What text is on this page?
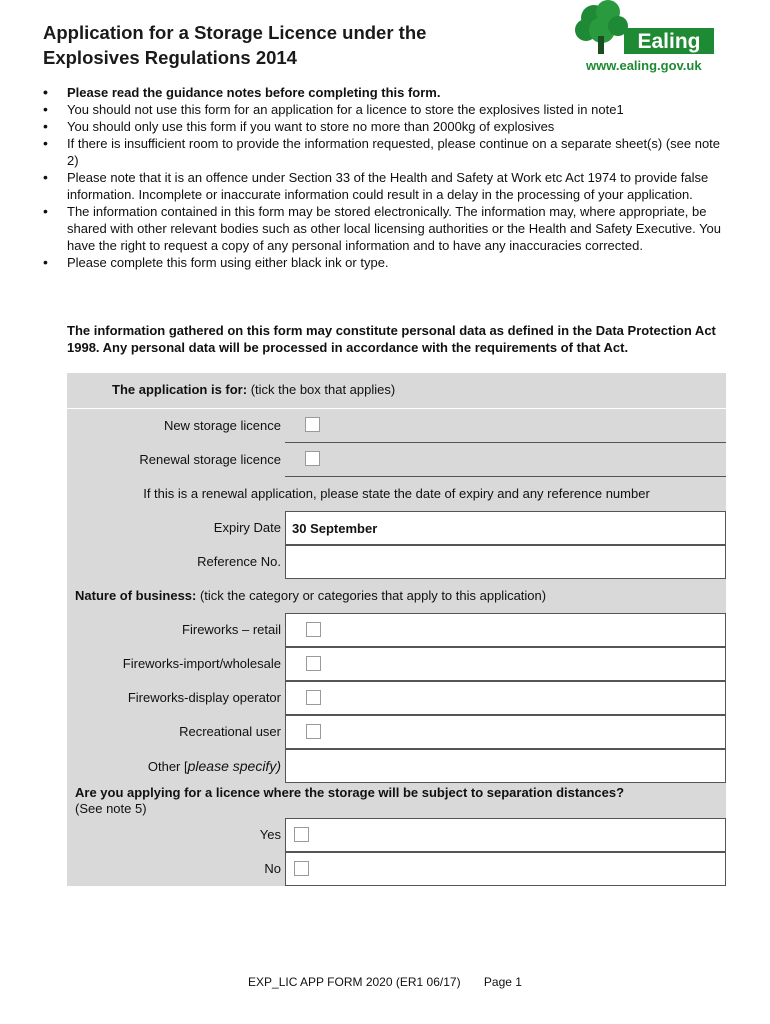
Application for a Storage Licence under the
Explosives Regulations 2014
Ealing
www.ealing.gov.uk
• Please read the guidance notes before completing this form.
• You should not use this form for an application for a licence to store the explosives listed in note1
• You should only use this form if you want to store no more than 2000kg of explosives
• If there is insufficient room to provide the information requested, please continue on a separate sheet(s) (see note 2)
• Please note that it is an offence under Section 33 of the Health and Safety at Work etc Act 1974 to provide false information. Incomplete or inaccurate information could result in a delay in the processing of your application.
• The information contained in this form may be stored electronically. The information may, where appropriate, be shared with other relevant bodies such as other local licensing authorities or the Health and Safety Executive. You have the right to request a copy of any personal information and to have any inaccuracies corrected.
• Please complete this form using either black ink or type.
The information gathered on this form may constitute personal data as defined in the Data Protection Act 1998. Any personal data will be processed in accordance with the requirements of that Act.
The application is for: (tick the box that applies)
New storage licence
Renewal storage licence
If this is a renewal application, please state the date of expiry and any reference number
Expiry Date 30 September
Reference No.
Nature of business: (tick the category or categories that apply to this application)
Fireworks – retail
Fireworks-import/wholesale
Fireworks-display operator
Recreational user
Other [please specify)
Are you applying for a licence where the storage will be subject to separation distances?
(See note 5)
Yes
No
EXP_LIC APP FORM 2020 (ER1 06/17) Page 1
